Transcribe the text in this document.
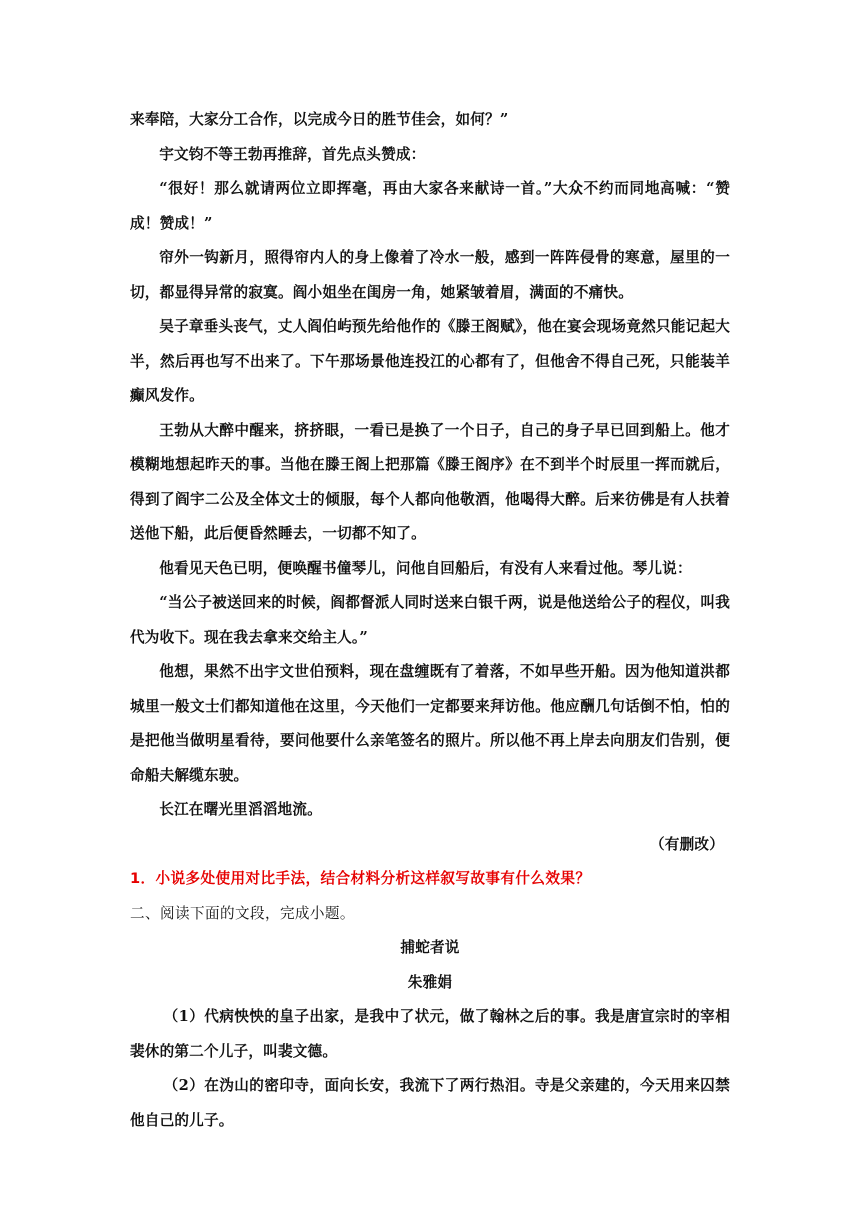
来奉陪，大家分工合作，以完成今日的胜节佳会，如何？”

宇文钧不等王勃再推辞，首先点头赞成：

“很好！那么就请两位立即挥毫，再由大家各来献诗一首。”大众不约而同地高喊：“赞成！赞成！”

帘外一钩新月，照得帘内人的身上像着了冷水一般，感到一阵阵侵骨的寒意，屋里的一切，都显得异常的寂寞。阎小姐坐在闺房一角，她紧皱着眉，满面的不痛快。

吴子章垂头丧气，丈人阎伯屿预先给他作的《滕王阁赋》，他在宴会现场竟然只能记起大半，然后再也写不出来了。下午那场景他连投江的心都有了，但他舍不得自己死，只能装羊癫风发作。

王勃从大醉中醒来，挤挤眼，一看已是换了一个日子，自己的身子早已回到船上。他才模糊地想起昨天的事。当他在滕王阁上把那篇《滕王阁序》在不到半个时辰里一挥而就后，得到了阎宇二公及全体文士的倾服，每个人都向他敬酒，他喝得大醉。后来彷佛是有人扶着送他下船，此后便昏然睡去，一切都不知了。

他看见天色已明，便唤醒书僮琴儿，问他自回船后，有没有人来看过他。琴儿说：

“当公子被送回来的时候，阎都督派人同时送来白银千两，说是他送给公子的程仪，叫我代为收下。现在我去拿来交给主人。”

他想，果然不出宇文世伯预料，现在盘缠既有了着落，不如早些开船。因为他知道洪都城里一般文士们都知道他在这里，今天他们一定都要来拜访他。他应酬几句话倒不怕，怕的是把他当做明星看待，要问他要什么亲笔签名的照片。所以他不再上岸去向朋友们告别，便命船夫解缆东驶。

长江在曙光里滔滔地流。

（有删改）

1．小说多处使用对比手法，结合材料分析这样叙写故事有什么效果？

二、阅读下面的文段，完成小题。

捕蛇者说

朱雅娟

（1）代病怏怏的皇子出家，是我中了状元，做了翰林之后的事。我是唐宣宗时的宰相裴休的第二个儿子，叫裴文德。

（2）在沩山的密印寺，面向长安，我流下了两行热泪。寺是父亲建的，今天用来囚禁他自己的儿子。
